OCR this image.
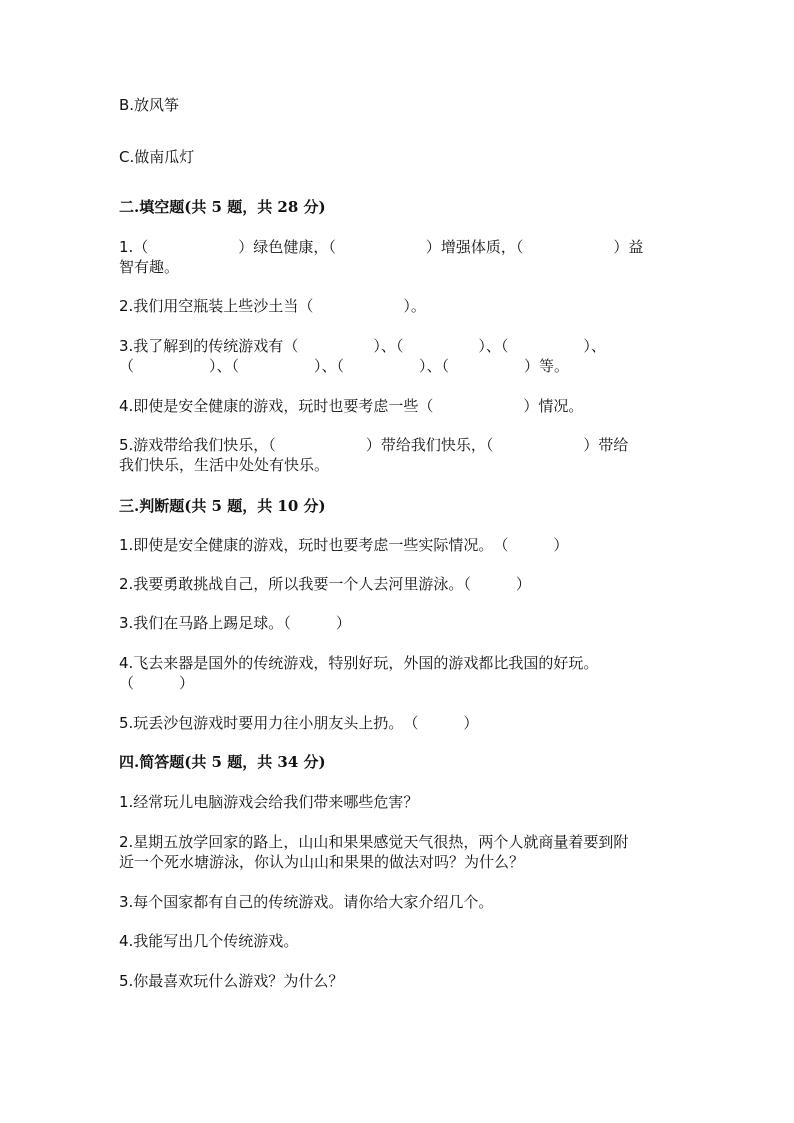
B.放风筝
C.做南瓜灯
二.填空题(共 5 题，共 28 分)
1.（　　　　　　）绿色健康，（　　　　　　）增强体质，（　　　　　　）益
智有趣。
2.我们用空瓶装上些沙土当（　　　　　　）。
3.我了解到的传统游戏有（　　　　　）、（　　　　　）、（　　　　　）、
（　　　　　）、（　　　　　）、（　　　　　）、（　　　　　）等。
4.即使是安全健康的游戏，玩时也要考虑一些（　　　　　　）情况。
5.游戏带给我们快乐，（　　　　　　）带给我们快乐，（　　　　　　）带给
我们快乐，生活中处处有快乐。
三.判断题(共 5 题，共 10 分)
1.即使是安全健康的游戏，玩时也要考虑一些实际情况。　（　　　）
2.我要勇敢挑战自己，所以我要一个人去河里游泳。（　　　）
3.我们在马路上踢足球。（　　　）
4.飞去来器是国外的传统游戏，特别好玩，外国的游戏都比我国的好玩。
（　　　）
5.玩丢沙包游戏时要用力往小朋友头上扔。　（　　　）
四.简答题(共 5 题，共 34 分)
1.经常玩儿电脑游戏会给我们带来哪些危害？
2.星期五放学回家的路上，山山和果果感觉天气很热，两个人就商量着要到附
近一个死水塘游泳，你认为山山和果果的做法对吗？为什么？
3.每个国家都有自己的传统游戏。请你给大家介绍几个。
4.我能写出几个传统游戏。
5.你最喜欢玩什么游戏？为什么？
